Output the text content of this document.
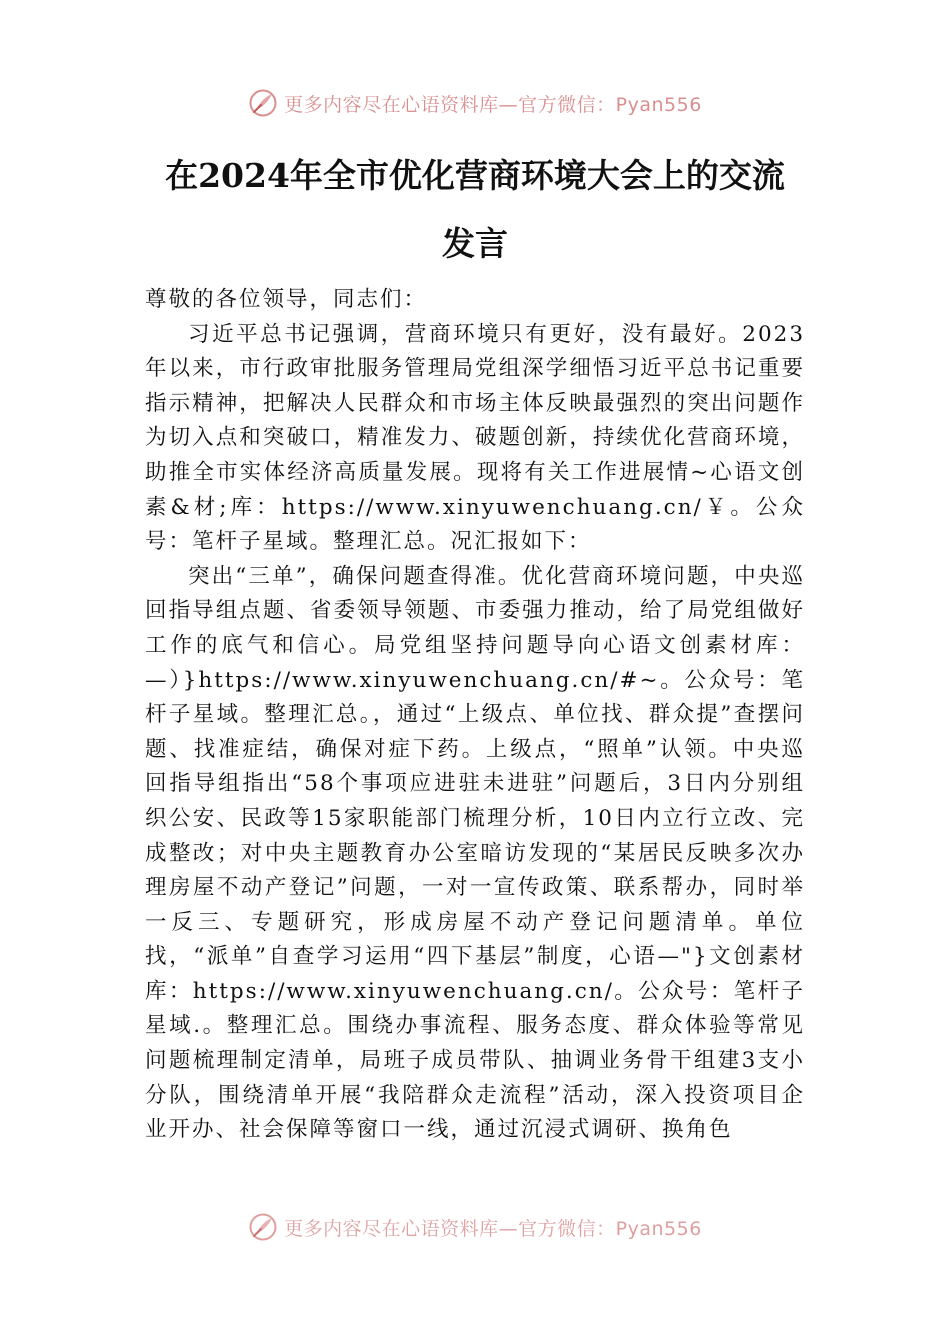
更多内容尽在心语资料库—官方微信：Pyan556
在2024年全市优化营商环境大会上的交流
发言

尊敬的各位领导，同志们：

习近平总书记强调，营商环境只有更好，没有最好。2023年以来，市行政审批服务管理局党组深学细悟习近平总书记重要指示精神，把解决人民群众和市场主体反映最强烈的突出问题作为切入点和突破口，精准发力、破题创新，持续优化营商环境，助推全市实体经济高质量发展。现将有关工作进展情~心语文创素&材;库：https://www.xinyuwenchuang.cn/￥。公众号：笔杆子星域。整理汇总。况汇报如下：

突出“三单”，确保问题查得准。优化营商环境问题，中央巡回指导组点题、省委领导领题、市委强力推动，给了局党组做好工作的底气和信心。局党组坚持问题导向心语文创素材库：—）}https://www.xinyuwenchuang.cn/#~。公众号：笔杆子星域。整理汇总。，通过“上级点、单位找、群众提”查摆问题、找准症结，确保对症下药。上级点，“照单”认领。中央巡回指导组指出“58个事项应进驻未进驻”问题后，3日内分别组织公安、民政等15家职能部门梳理分析，10日内立行立改、完成整改；对中央主题教育办公室暗访发现的“某居民反映多次办理房屋不动产登记”问题，一对一宣传政策、联系帮办，同时举一反三、专题研究，形成房屋不动产登记问题清单。单位找，“派单”自查学习运用“四下基层”制度，心语—"}文创素材库：https://www.xinyuwenchuang.cn/。公众号：笔杆子星域.。整理汇总。围绕办事流程、服务态度、群众体验等常见问题梳理制定清单，局班子成员带队、抽调业务骨干组建3支小分队，围绕清单开展“我陪群众走流程”活动，深入投资项目企业开办、社会保障等窗口一线，通过沉浸式调研、换角色

更多内容尽在心语资料库—官方微信：Pyan556
